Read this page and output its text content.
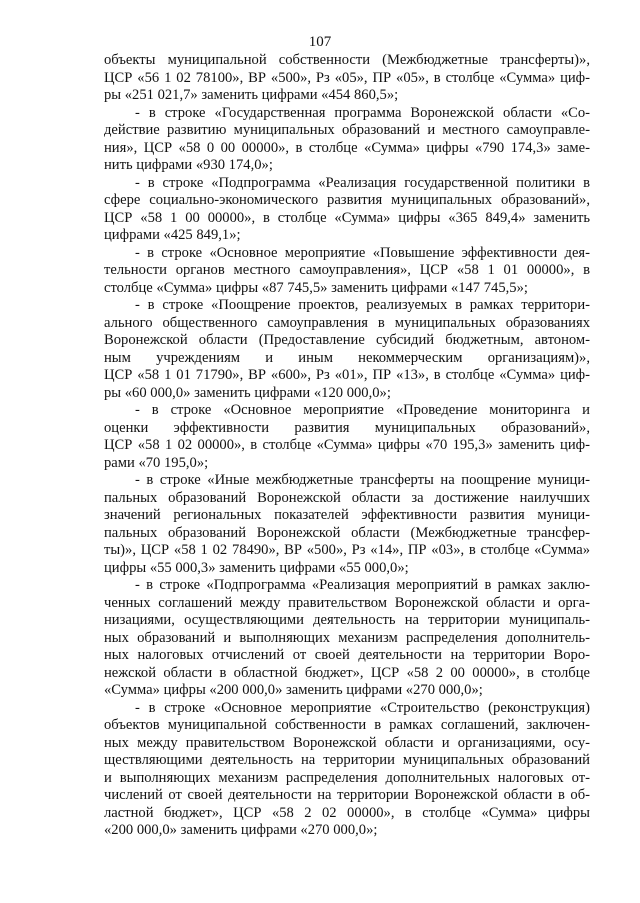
107
объекты муниципальной собственности (Межбюджетные трансферты)»,
ЦСР «56 1 02 78100», ВР «500», Рз «05», ПР «05», в столбце «Сумма» циф-
ры «251 021,7» заменить цифрами «454 860,5»;
- в строке «Государственная программа Воронежской области «Со-
действие развитию муниципальных образований и местного самоуправле-
ния», ЦСР «58 0 00 00000», в столбце «Сумма» цифры «790 174,3» заме-
нить цифрами «930 174,0»;
- в строке «Подпрограмма «Реализация государственной политики в
сфере социально-экономического развития муниципальных образований»,
ЦСР «58 1 00 00000», в столбце «Сумма» цифры «365 849,4» заменить
цифрами «425 849,1»;
- в строке «Основное мероприятие «Повышение эффективности дея-
тельности органов местного самоуправления», ЦСР «58 1 01 00000», в
столбце «Сумма» цифры «87 745,5» заменить цифрами «147 745,5»;
- в строке «Поощрение проектов, реализуемых в рамках территори-
ального общественного самоуправления в муниципальных образованиях
Воронежской области (Предоставление субсидий бюджетным, автоном-
ным учреждениям и иным некоммерческим организациям)»,
ЦСР «58 1 01 71790», ВР «600», Рз «01», ПР «13», в столбце «Сумма» циф-
ры «60 000,0» заменить цифрами «120 000,0»;
- в строке «Основное мероприятие «Проведение мониторинга и
оценки эффективности развития муниципальных образований»,
ЦСР «58 1 02 00000», в столбце «Сумма» цифры «70 195,3» заменить циф-
рами «70 195,0»;
- в строке «Иные межбюджетные трансферты на поощрение муници-
пальных образований Воронежской области за достижение наилучших
значений региональных показателей эффективности развития муници-
пальных образований Воронежской области (Межбюджетные трансфер-
ты)», ЦСР «58 1 02 78490», ВР «500», Рз «14», ПР «03», в столбце «Сумма»
цифры «55 000,3» заменить цифрами «55 000,0»;
- в строке «Подпрограмма «Реализация мероприятий в рамках заклю-
ченных соглашений между правительством Воронежской области и орга-
низациями, осуществляющими деятельность на территории муниципаль-
ных образований и выполняющих механизм распределения дополнитель-
ных налоговых отчислений от своей деятельности на территории Воро-
нежской области в областной бюджет», ЦСР «58 2 00 00000», в столбце
«Сумма» цифры «200 000,0» заменить цифрами «270 000,0»;
- в строке «Основное мероприятие «Строительство (реконструкция)
объектов муниципальной собственности в рамках соглашений, заключен-
ных между правительством Воронежской области и организациями, осу-
ществляющими деятельность на территории муниципальных образований
и выполняющих механизм распределения дополнительных налоговых от-
числений от своей деятельности на территории Воронежской области в об-
ластной бюджет», ЦСР «58 2 02 00000», в столбце «Сумма» цифры
«200 000,0» заменить цифрами «270 000,0»;
